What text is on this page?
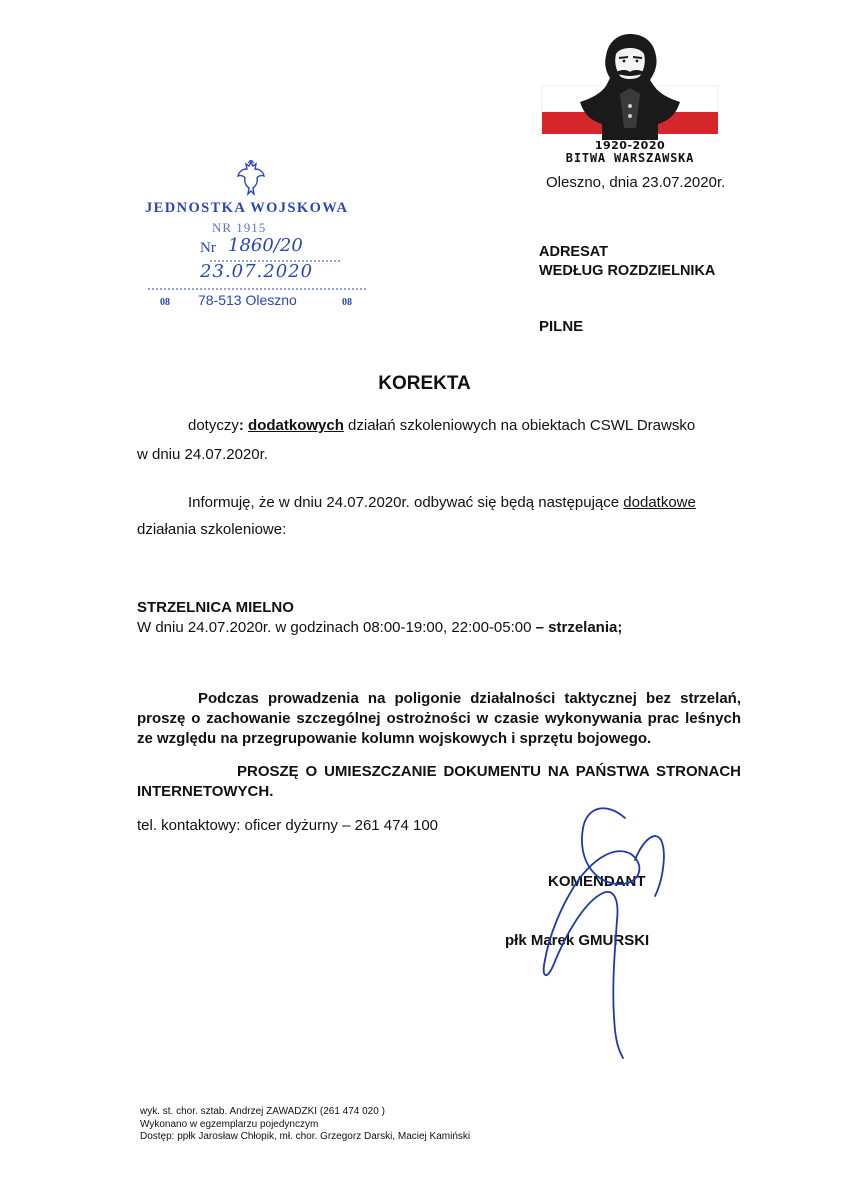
1920-2020
BITWA WARSZAWSKA
Oleszno, dnia 23.07.2020r.
JEDNOSTKA WOJSKOWA
NR 1915
Nr 1860/20
23.07.2020
08 78-513 Oleszno	08
ADRESAT
WEDŁUG ROZDZIELNIKA
PILNE
KOREKTA
dotyczy: dodatkowych działań szkoleniowych na obiektach CSWL Drawsko
w dniu 24.07.2020r.
Informuję, że w dniu 24.07.2020r. odbywać się będą następujące dodatkowe
działania szkoleniowe:
STRZELNICA MIELNO
W dniu 24.07.2020r. w godzinach 08:00-19:00, 22:00-05:00 – strzelania;
Podczas prowadzenia na poligonie działalności taktycznej bez strzelań, proszę o zachowanie szczególnej ostrożności w czasie wykonywania prac leśnych ze względu na przegrupowanie kolumn wojskowych i sprzętu bojowego.
PROSZĘ O UMIESZCZANIE DOKUMENTU NA PAŃSTWA STRONACH INTERNETOWYCH.
tel. kontaktowy: oficer dyżurny – 261 474 100
KOMENDANT
płk Marek GMURSKI
wyk. st. chor. sztab. Andrzej ZAWADZKI (261 474 020 )
Wykonano w egzemplarzu pojedynczym
Dostęp: ppłk Jarosław Chłopik, mł. chor. Grzegorz Darski, Maciej Kamiński
